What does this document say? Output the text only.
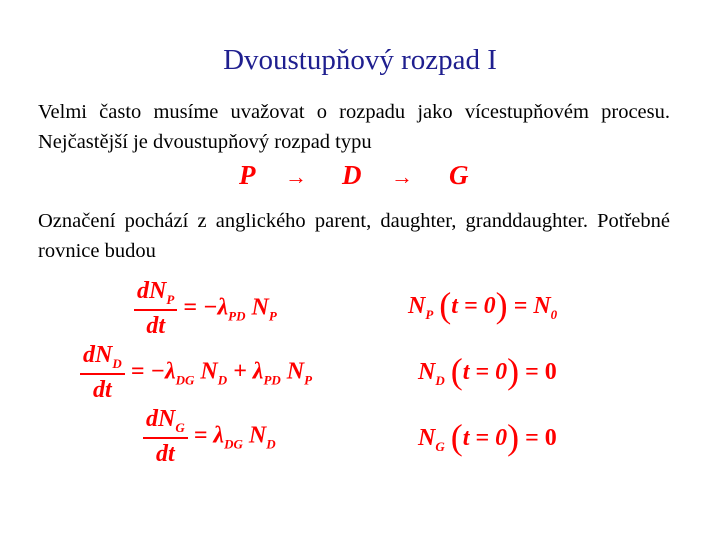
Dvoustupňový rozpad I
Velmi často musíme uvažovat o rozpadu jako vícestupňovém procesu. Nejčastější je dvoustupňový rozpad typu
P → D → G
Označení pochází z anglického parent, daughter, granddaughter. Potřebné rovnice budou
$\frac{dN_P}{dt} = -\lambda_{PD}$ $N_P$
$\frac{dN_D}{dt} = -\lambda_{DG}$ $N_D + \lambda_{PD}$ $N_P$
$\frac{dN_G}{dt} = \lambda_{DG}$ $N_D$
$N_P$ $(t = 0) = N_0$
$N_D$ (t = 0) = 0
$N_G$ (t = 0) = 0
